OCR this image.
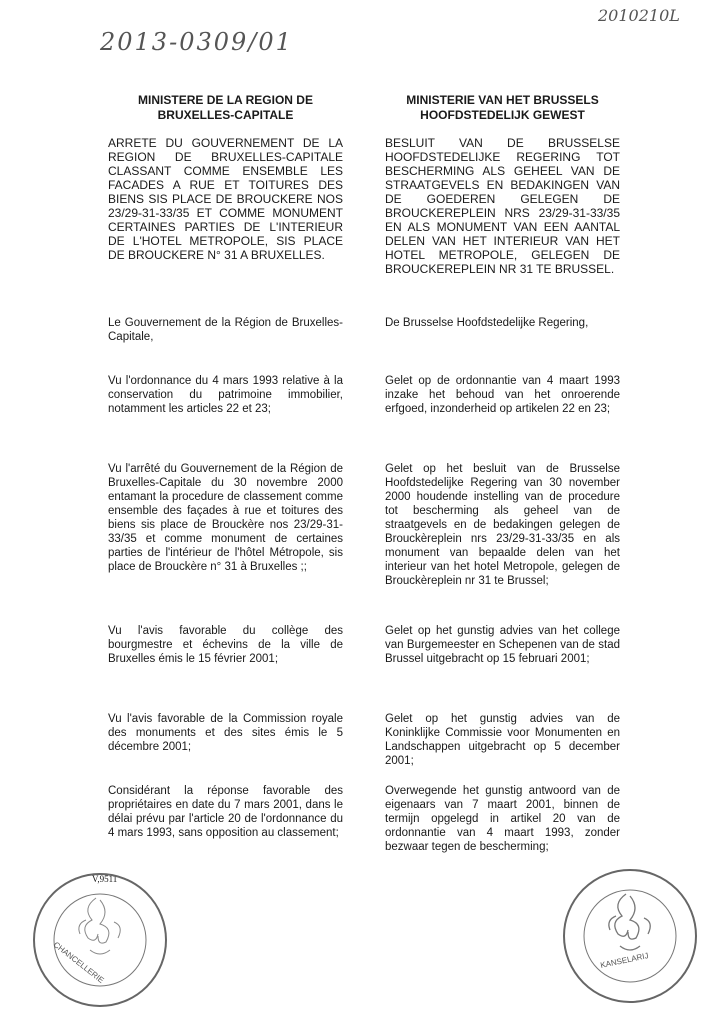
2013-0309/01
2010210L
MINISTERE DE LA REGION DE BRUXELLES-CAPITALE
ARRETE DU GOUVERNEMENT DE LA REGION DE BRUXELLES-CAPITALE CLASSANT COMME ENSEMBLE LES FACADES A RUE ET TOITURES DES BIENS SIS PLACE DE BROUCKERE NOS 23/29-31-33/35 ET COMME MONUMENT CERTAINES PARTIES DE L'INTERIEUR DE L'HOTEL METROPOLE, SIS PLACE DE BROUCKERE N° 31 A BRUXELLES.
Le Gouvernement de la Région de Bruxelles-Capitale,
Vu l'ordonnance du 4 mars 1993 relative à la conservation du patrimoine immobilier, notamment les articles 22 et 23;
Vu l'arrêté du Gouvernement de la Région de Bruxelles-Capitale du 30 novembre 2000 entamant la procedure de classement comme ensemble des façades à rue et toitures des biens sis place de Brouckère nos 23/29-31-33/35 et comme monument de certaines parties de l'intérieur de l'hôtel Métropole, sis place de Brouckère n° 31 à Bruxelles ;;
Vu l'avis favorable du collège des bourgmestre et échevins de la ville de Bruxelles émis le 15 février 2001;
Vu l'avis favorable de la Commission royale des monuments et des sites émis le 5 décembre 2001;
Considérant la réponse favorable des propriétaires en date du 7 mars 2001, dans le délai prévu par l'article 20 de l'ordonnance du 4 mars 1993, sans opposition au classement;
MINISTERIE VAN HET BRUSSELS HOOFDSTEDELIJK GEWEST
BESLUIT VAN DE BRUSSELSE HOOFDSTEDELIJKE REGERING TOT BESCHERMING ALS GEHEEL VAN DE STRAATGEVELS EN BEDAKINGEN VAN DE GOEDEREN GELEGEN DE BROUCKEREPLEIN NRS 23/29-31-33/35 EN ALS MONUMENT VAN EEN AANTAL DELEN VAN HET INTERIEUR VAN HET HOTEL METROPOLE, GELEGEN DE BROUCKEREPLEIN NR 31 TE BRUSSEL.
De Brusselse Hoofdstedelijke Regering,
Gelet op de ordonnantie van 4 maart 1993 inzake het behoud van het onroerende erfgoed, inzonderheid op artikelen 22 en 23;
Gelet op het besluit van de Brusselse Hoofdstedelijke Regering van 30 november 2000 houdende instelling van de procedure tot bescherming als geheel van de straatgevels en de bedakingen gelegen de Brouckèreplein nrs 23/29-31-33/35 en als monument van bepaalde delen van het interieur van het hotel Metropole, gelegen de Brouckèreplein nr 31 te Brussel;
Gelet op het gunstig advies van het college van Burgemeester en Schepenen van de stad Brussel uitgebracht op 15 februari 2001;
Gelet op het gunstig advies van de Koninklijke Commissie voor Monumenten en Landschappen uitgebracht op 5 december 2001;
Overwegende het gunstig antwoord van de eigenaars van 7 maart 2001, binnen de termijn opgelegd in artikel 20 van de ordonnantie van 4 maart 1993, zonder bezwaar tegen de bescherming;
V,9511
CHANCELLERIE	KANSELARIJ
